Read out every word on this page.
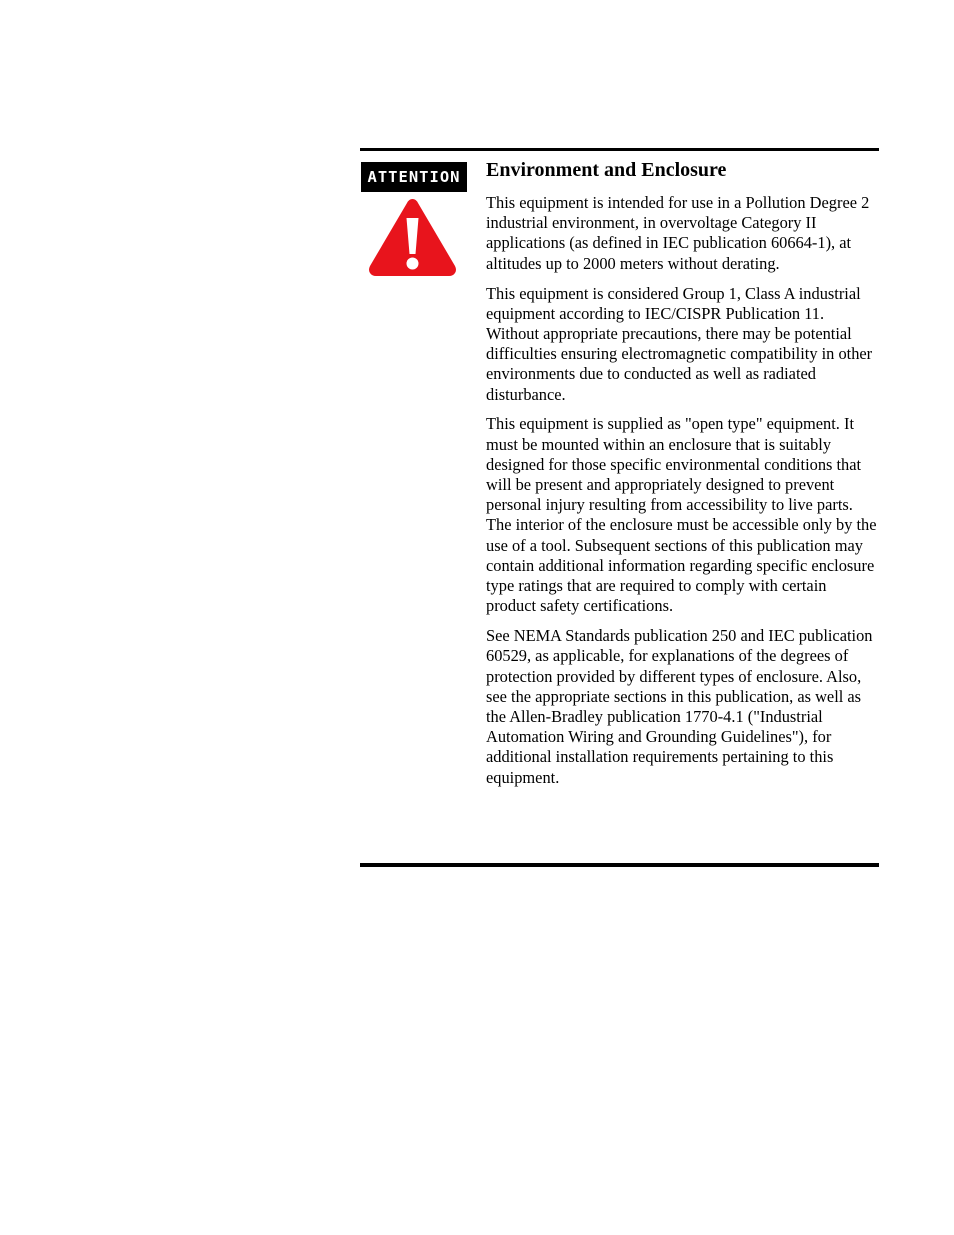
ATTENTION	Environment and Enclosure

This equipment is intended for use in a Pollution Degree 2 industrial environment, in overvoltage Category II applications (as defined in IEC publication 60664-1), at altitudes up to 2000 meters without derating.

This equipment is considered Group 1, Class A industrial equipment according to IEC/CISPR Publication 11. Without appropriate precautions, there may be potential difficulties ensuring electromagnetic compatibility in other environments due to conducted as well as radiated disturbance.

This equipment is supplied as "open type" equipment. It must be mounted within an enclosure that is suitably designed for those specific environmental conditions that will be present and appropriately designed to prevent personal injury resulting from accessibility to live parts. The interior of the enclosure must be accessible only by the use of a tool. Subsequent sections of this publication may contain additional information regarding specific enclosure type ratings that are required to comply with certain product safety certifications.

See NEMA Standards publication 250 and IEC publication 60529, as applicable, for explanations of the degrees of protection provided by different types of enclosure. Also, see the appropriate sections in this publication, as well as the Allen-Bradley publication 1770-4.1 ("Industrial Automation Wiring and Grounding Guidelines"), for additional installation requirements pertaining to this equipment.
